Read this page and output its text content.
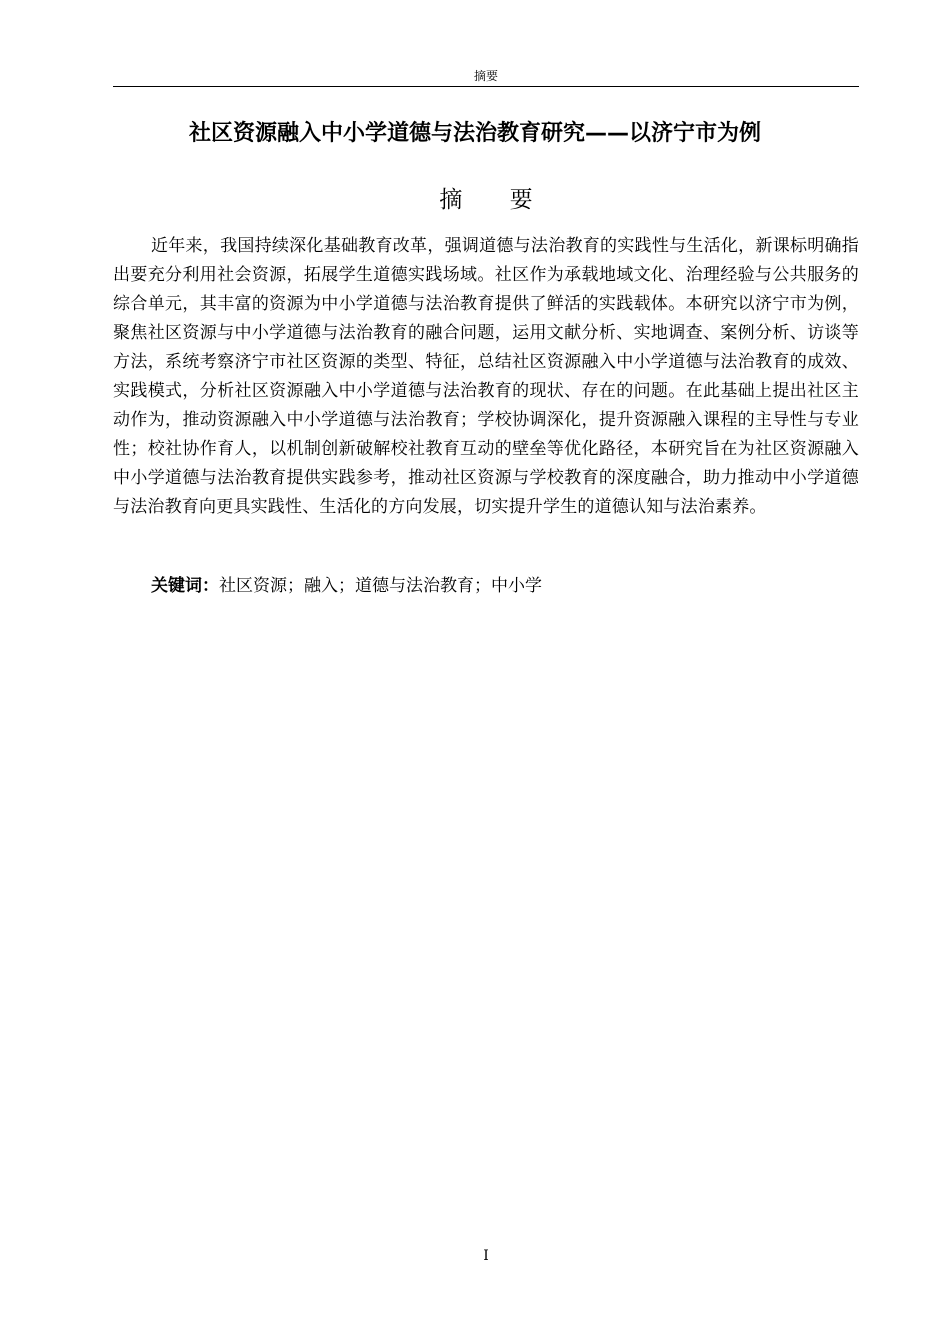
摘要
社区资源融入中小学道德与法治教育研究——以济宁市为例
摘 要

近年来，我国持续深化基础教育改革，强调道德与法治教育的实践性与生活化，新课标明确指出要充分利用社会资源，拓展学生道德实践场域。社区作为承载地域文化、治理经验与公共服务的综合单元，其丰富的资源为中小学道德与法治教育提供了鲜活的实践载体。本研究以济宁市为例，聚焦社区资源与中小学道德与法治教育的融合问题，运用文献分析、实地调查、案例分析、访谈等方法，系统考察济宁市社区资源的类型、特征，总结社区资源融入中小学道德与法治教育的成效、实践模式，分析社区资源融入中小学道德与法治教育的现状、存在的问题。在此基础上提出社区主动作为，推动资源融入中小学道德与法治教育；学校协调深化，提升资源融入课程的主导性与专业性；校社协作育人，以机制创新破解校社教育互动的壁垒等优化路径，本研究旨在为社区资源融入中小学道德与法治教育提供实践参考，推动社区资源与学校教育的深度融合，助力推动中小学道德与法治教育向更具实践性、生活化的方向发展，切实提升学生的道德认知与法治素养。

关键词：社区资源；融入；道德与法治教育；中小学

I
